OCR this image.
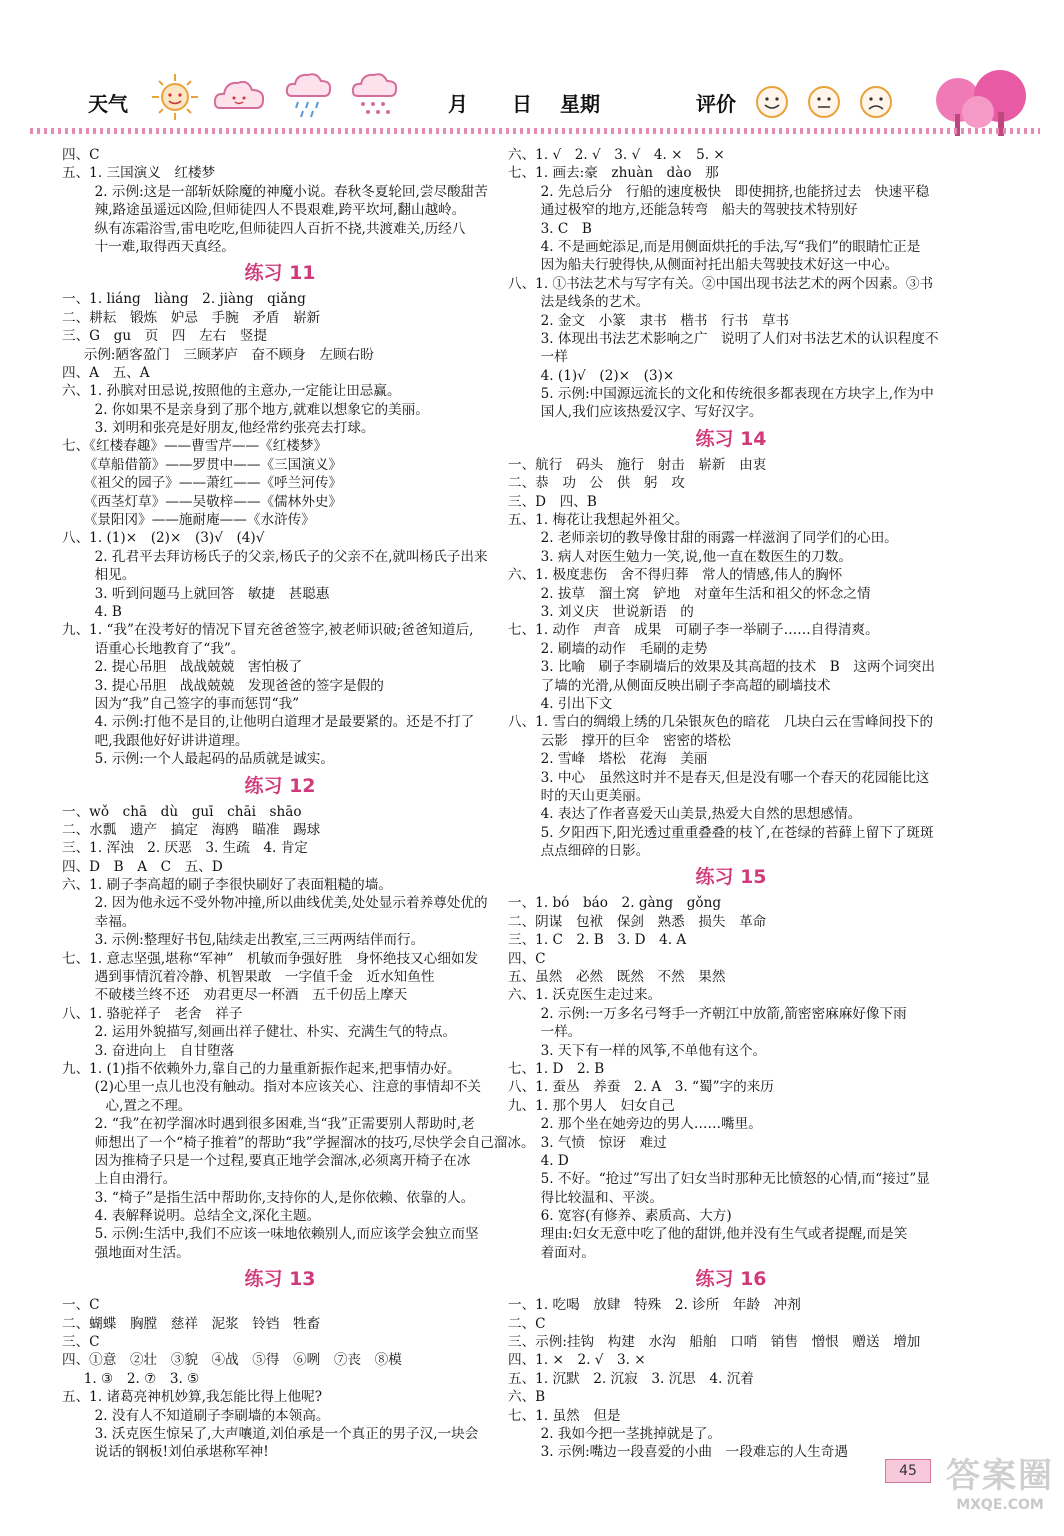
天气	月 日 星期	评价
四、C
五、1. 三国演义　红楼梦
2. 示例:这是一部斩妖除魔的神魔小说。春秋冬夏轮回,尝尽酸甜苦
辣,路途虽遥远凶险,但师徒四人不畏艰难,跨平坎坷,翻山越岭。
纵有冻霜浴雪,雷电吃吃,但师徒四人百折不挠,共渡难关,历经八
十一难,取得西天真经。
练习 11
一、1. liáng　liàng　2. jiàng　qiǎng
二、耕耘　锻炼　妒忌　手腕　矛盾　崭新
三、G　gu　页　四　左右　竖提
示例:陋客盈门　三顾茅庐　奋不顾身　左顾右盼
四、A　五、A
六、1. 孙膑对田忌说,按照他的主意办,一定能让田忌赢。
2. 你如果不是亲身到了那个地方,就难以想象它的美丽。
3. 刘明和张亮是好朋友,他经常约张亮去打球。
七、《红楼春趣》——曹雪芹——《红楼梦》
《草船借箭》——罗贯中——《三国演义》
《祖父的园子》——萧红——《呼兰河传》
《西茎灯草》——吴敬梓——《儒林外史》
《景阳冈》——施耐庵——《水浒传》
八、1. (1)×　(2)×　(3)√　(4)√
2. 孔君平去拜访杨氏子的父亲,杨氏子的父亲不在,就叫杨氏子出来
相见。
3. 听到问题马上就回答　敏捷　甚聪惠
4. B
九、1. “我”在没考好的情况下冒充爸爸签字,被老师识破;爸爸知道后,
语重心长地教育了“我”。
2. 提心吊胆　战战兢兢　害怕极了
3. 提心吊胆　战战兢兢　发现爸爸的签字是假的
因为“我”自己签字的事而惩罚“我”
4. 示例:打他不是目的,让他明白道理才是最要紧的。还是不打了
吧,我跟他好好讲讲道理。
5. 示例:一个人最起码的品质就是诚实。
练习 12
一、wǒ　chā　dù　guī　chāi　shāo
二、水瓢　遗产　搞定　海鸥　瞄准　踢球
三、1. 浑浊　2. 厌恶　3. 生疏　4. 肯定
四、D　B　A　C　五、D
六、1. 刷子李高超的刷子李很快刷好了表面粗糙的墙。
2. 因为他永远不受外物冲撞,所以曲线优美,处处显示着养尊处优的
幸福。
3. 示例:整理好书包,陆续走出教室,三三两两结伴而行。
七、1. 意志坚强,堪称“军神”　机敏而争强好胜　身怀绝技又心细如发
遇到事情沉着冷静、机智果敢　一字值千金　近水知鱼性
不破楼兰终不还　劝君更尽一杯酒　五千仞岳上摩天
八、1. 骆驼祥子　老舍　祥子
2. 运用外貌描写,刻画出祥子健壮、朴实、充满生气的特点。
3. 奋进向上　自甘堕落
九、1. (1)指不依赖外力,靠自己的力量重新振作起来,把事情办好。
(2)心里一点儿也没有触动。指对本应该关心、注意的事情却不关
心,置之不理。
2. “我”在初学溜冰时遇到很多困难,当“我”正需要别人帮助时,老
师想出了一个“椅子推着”的帮助“我”学握溜冰的技巧,尽快学会自己溜冰。
因为推椅子只是一个过程,要真正地学会溜冰,必须离开椅子在冰
上自由滑行。
3. “椅子”是指生活中帮助你,支持你的人,是你依赖、依靠的人。
4. 表解释说明。总结全文,深化主题。
5. 示例:生活中,我们不应该一味地依赖别人,而应该学会独立而坚
强地面对生活。
练习 13
一、C
二、蝴蝶　胸膛　慈祥　泥浆　铃铛　牲畜
三、C
四、①意　②壮　③貌　④战　⑤得　⑥咧　⑦丧　⑧模
1. ③　2. ⑦　3. ⑤
五、1. 诸葛亮神机妙算,我怎能比得上他呢?
2. 没有人不知道刷子李刷墙的本领高。
3. 沃克医生惊呆了,大声嚷道,刘伯承是一个真正的男子汉,一块会
说话的钢板!刘伯承堪称军神!
六、1. √　2. √　3. √　4. ×　5. ×
七、1. 画去:豪　zhuàn　dào　那
2. 先总后分　行船的速度极快　即使拥挤,也能挤过去　快速平稳
通过极窄的地方,还能急转弯　船夫的驾驶技术特别好
3. C　B
4. 不是画蛇添足,而是用侧面烘托的手法,写“我们”的眼睛忙正是
因为船夫行驶得快,从侧面衬托出船夫驾驶技术好这一中心。
八、1. ①书法艺术与写字有关。②中国出现书法艺术的两个因素。③书
法是线条的艺术。
2. 金文　小篆　隶书　楷书　行书　草书
3. 体现出书法艺术影响之广　说明了人们对书法艺术的认识程度不
一样
4. (1)√　(2)×　(3)×
5. 示例:中国源远流长的文化和传统很多都表现在方块字上,作为中
国人,我们应该热爱汉字、写好汉字。
练习 14
一、航行　码头　施行　射击　崭新　由衷
二、恭　功　公　供　躬　攻
三、D　四、B
五、1. 梅花让我想起外祖父。
2. 老师亲切的教导像甘甜的雨露一样滋润了同学们的心田。
3. 病人对医生勉力一笑,说,他一直在数医生的刀数。
六、1. 极度悲伤　舍不得归葬　常人的情感,伟人的胸怀
2. 拔草　溜土窝　铲地　对童年生活和祖父的怀念之情
3. 刘义庆　世说新语　的
七、1. 动作　声音　成果　可刷子李一举刷子……自得清爽。
2. 刷墙的动作　毛刷的走势
3. 比喻　刷子李刷墙后的效果及其高超的技术　B　这两个词突出
了墙的光滑,从侧面反映出刷子李高超的刷墙技术
4. 引出下文
八、1. 雪白的绸缎上绣的几朵银灰色的暗花　几块白云在雪峰间投下的
云影　撑开的巨伞　密密的塔松
2. 雪峰　塔松　花海　美丽
3. 中心　虽然这时并不是春天,但是没有哪一个春天的花园能比这
时的天山更美丽。
4. 表达了作者喜爱天山美景,热爱大自然的思想感情。
5. 夕阳西下,阳光透过重重叠叠的枝丫,在苍绿的苔藓上留下了斑斑
点点细碎的日影。
练习 15
一、1. bó　báo　2. gàng　gǒng
二、阴谋　包袱　保剑　熟悉　损失　革命
三、1. C　2. B　3. D　4. A
四、C
五、虽然　必然　既然　不然　果然
六、1. 沃克医生走过来。
2. 示例:一万多名弓弩手一齐朝江中放箭,箭密密麻麻好像下雨
一样。
3. 天下有一样的风筝,不单他有这个。
七、1. D　2. B
八、1. 蚕丛　养蚕　2. A　3. “蜀”字的来历
九、1. 那个男人　妇女自己
2. 那个坐在她旁边的男人……嘴里。
3. 气愤　惊讶　难过
4. D
5. 不好。“抢过”写出了妇女当时那种无比愤怒的心情,而“接过”显
得比较温和、平淡。
6. 宽容(有修养、素质高、大方)
理由:妇女无意中吃了他的甜饼,他并没有生气或者提醒,而是笑
着面对。
练习 16
一、1. 吃喝　放肆　特殊　2. 诊所　年龄　冲剂
二、C
三、示例:挂钩　构建　水沟　船舶　口哨　销售　憎恨　赠送　增加
四、1. ×　2. √　3. ×
五、1. 沉默　2. 沉寂　3. 沉思　4. 沉着
六、B
七、1. 虽然　但是
2. 我如今把一茎挑掉就是了。
3. 示例:嘴边一段喜爱的小曲　一段难忘的人生奇遇
45 答案圈
MXQE.COM
